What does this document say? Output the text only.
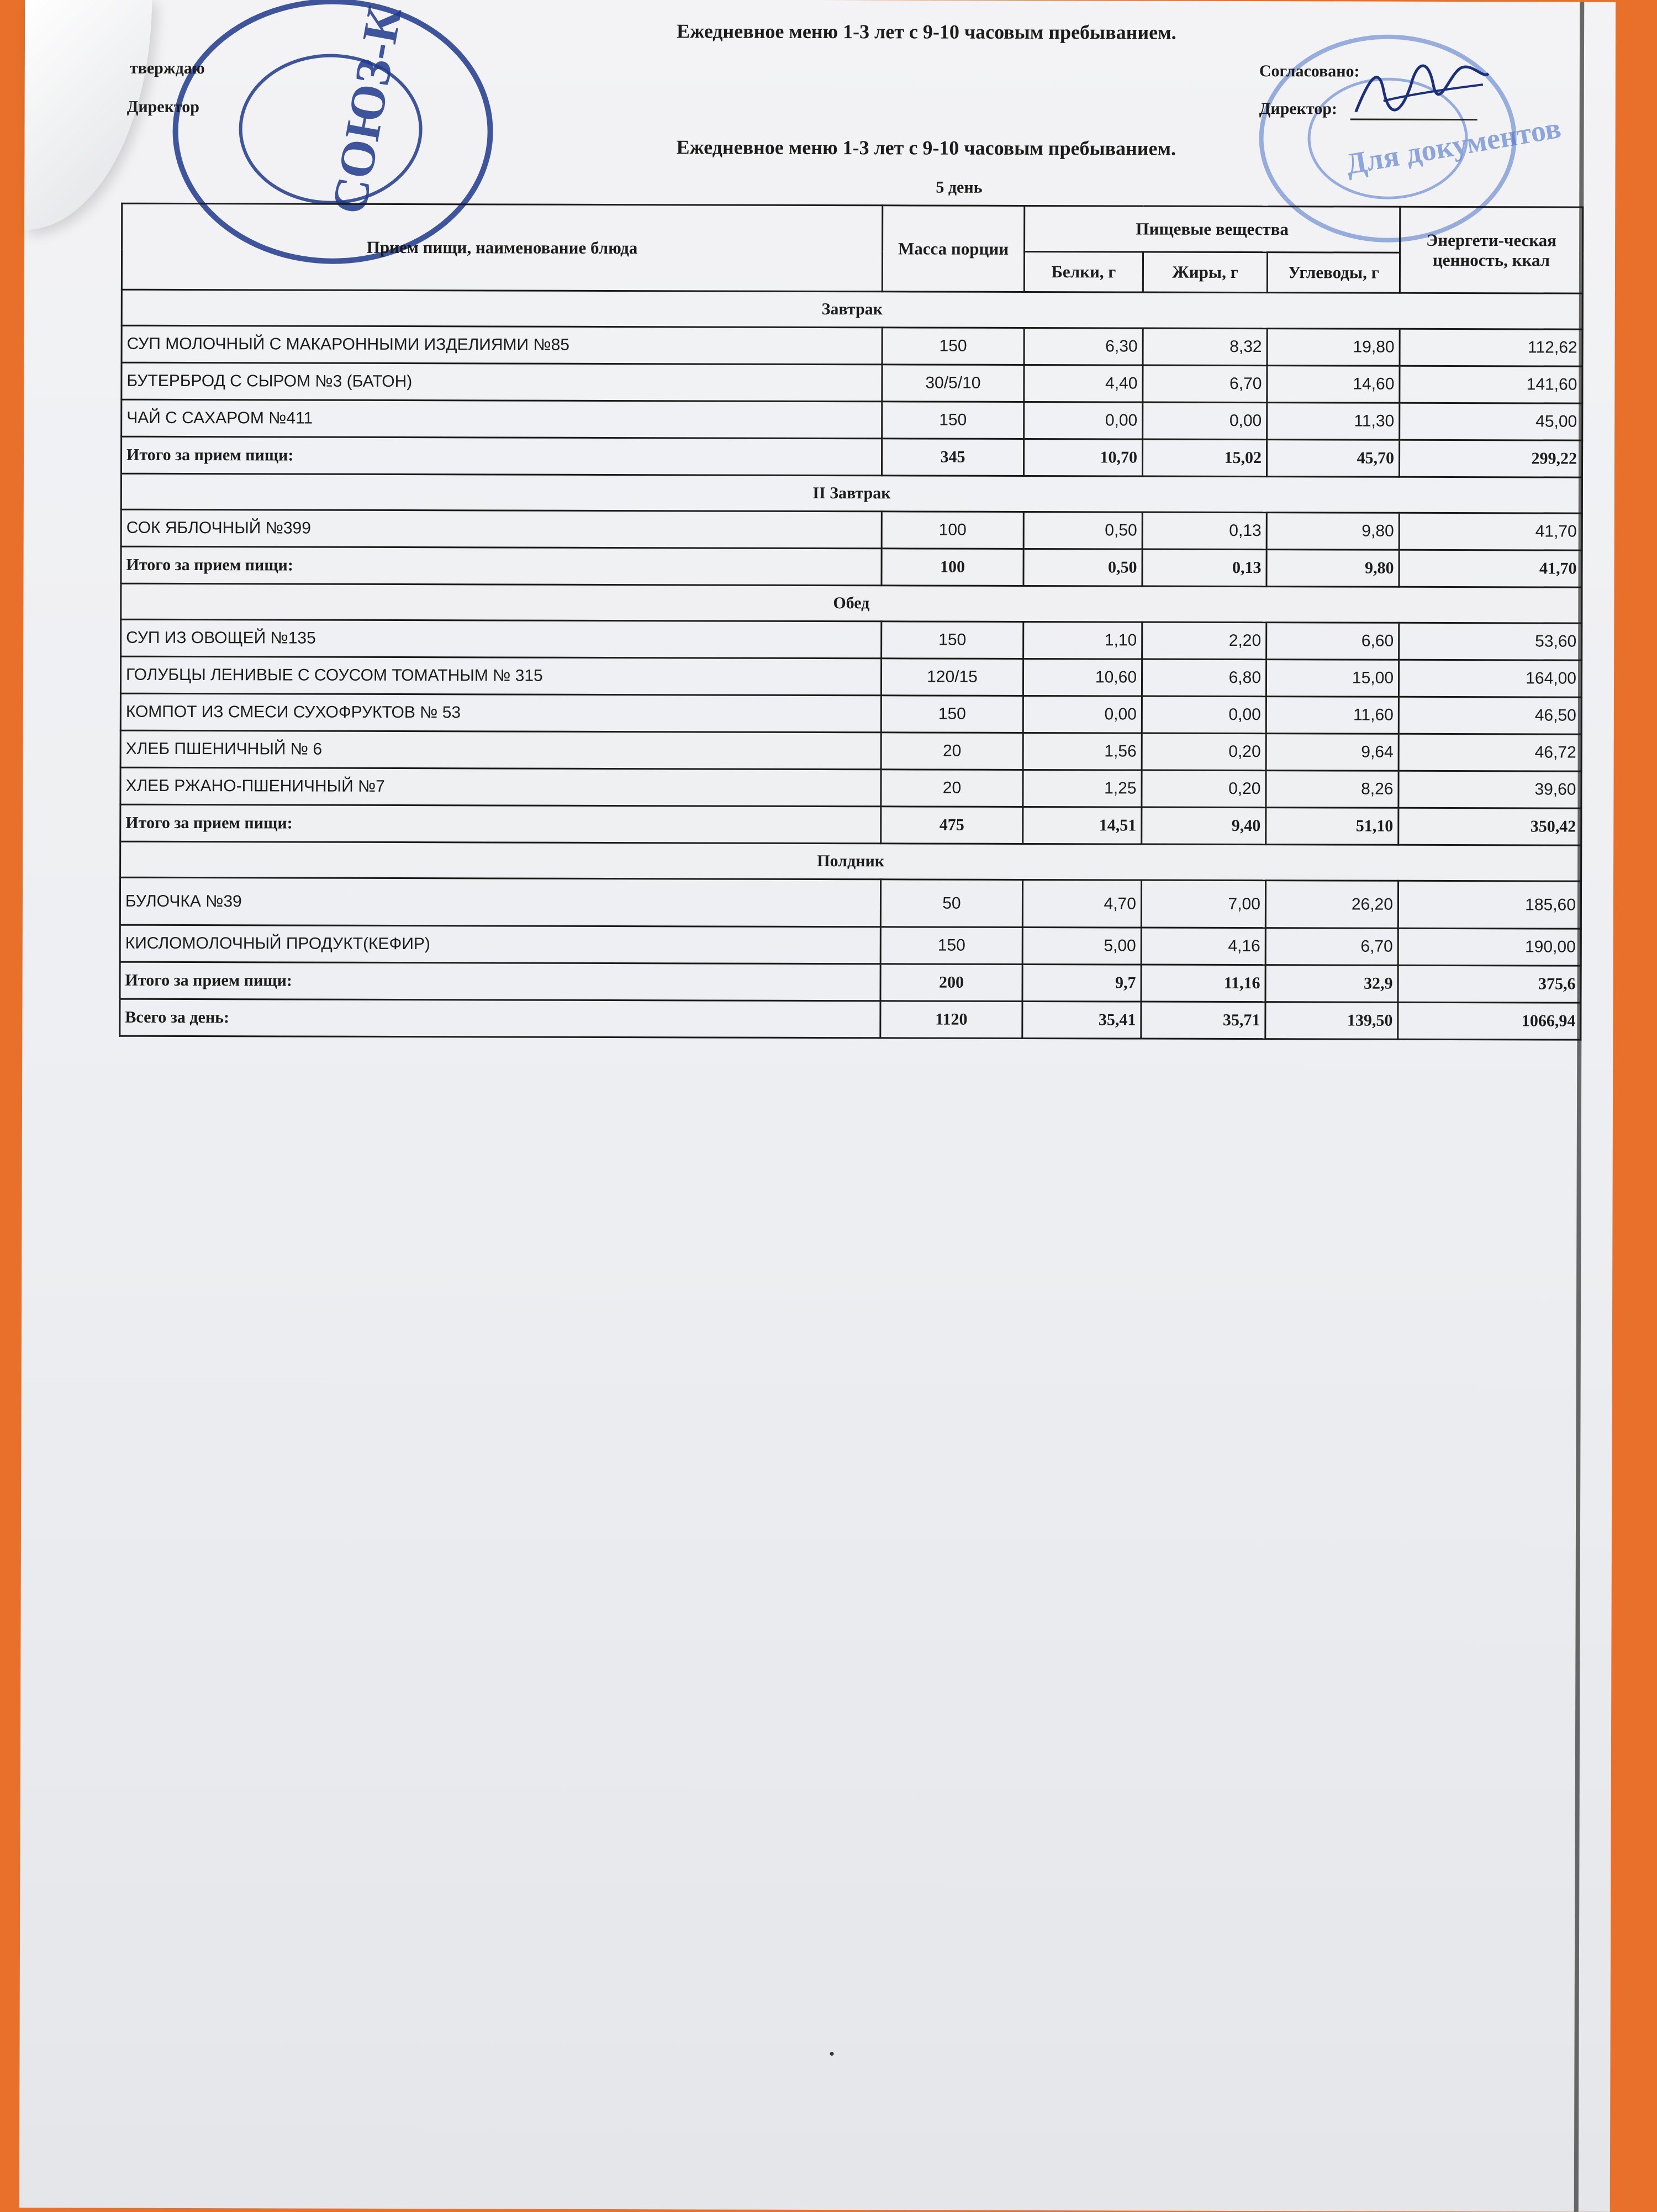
СОЮЗ-К	Для документов
Ежедневное меню 1-3 лет с 9-10 часовым пребыванием.
тверждаю
Директор
Согласовано:
Директор:
Ежедневное меню 1-3 лет с 9-10 часовым пребыванием.
5 день
Прием пищи, наименование блюда	Масса порции	Пищевые вещества			Энергети-ческая ценность, ккал
		Белки, г	Жиры, г	Углеводы, г	
Завтрак					
СУП МОЛОЧНЫЙ С МАКАРОННЫМИ ИЗДЕЛИЯМИ №85	150	6,30	8,32	19,80	112,62
БУТЕРБРОД С СЫРОМ №3 (БАТОН)	30/5/10	4,40	6,70	14,60	141,60
ЧАЙ С САХАРОМ №411	150	0,00	0,00	11,30	45,00
Итого за прием пищи:	345	10,70	15,02	45,70	299,22
II Завтрак					
СОК ЯБЛОЧНЫЙ №399	100	0,50	0,13	9,80	41,70
Итого за прием пищи:	100	0,50	0,13	9,80	41,70
Обед					
СУП ИЗ ОВОЩЕЙ №135	150	1,10	2,20	6,60	53,60
ГОЛУБЦЫ ЛЕНИВЫЕ С СОУСОМ ТОМАТНЫМ № 315	120/15	10,60	6,80	15,00	164,00
КОМПОТ ИЗ СМЕСИ СУХОФРУКТОВ № 53	150	0,00	0,00	11,60	46,50
ХЛЕБ ПШЕНИЧНЫЙ № 6	20	1,56	0,20	9,64	46,72
ХЛЕБ РЖАНО-ПШЕНИЧНЫЙ №7	20	1,25	0,20	8,26	39,60
Итого за прием пищи:	475	14,51	9,40	51,10	350,42
Полдник					
БУЛОЧКА №39	50	4,70	7,00	26,20	185,60
КИСЛОМОЛОЧНЫЙ ПРОДУКТ(КЕФИР)	150	5,00	4,16	6,70	190,00
Итого за прием пищи:	200	9,7	11,16	32,9	375,6
Всего за день:	1120	35,41	35,71	139,50	1066,94
